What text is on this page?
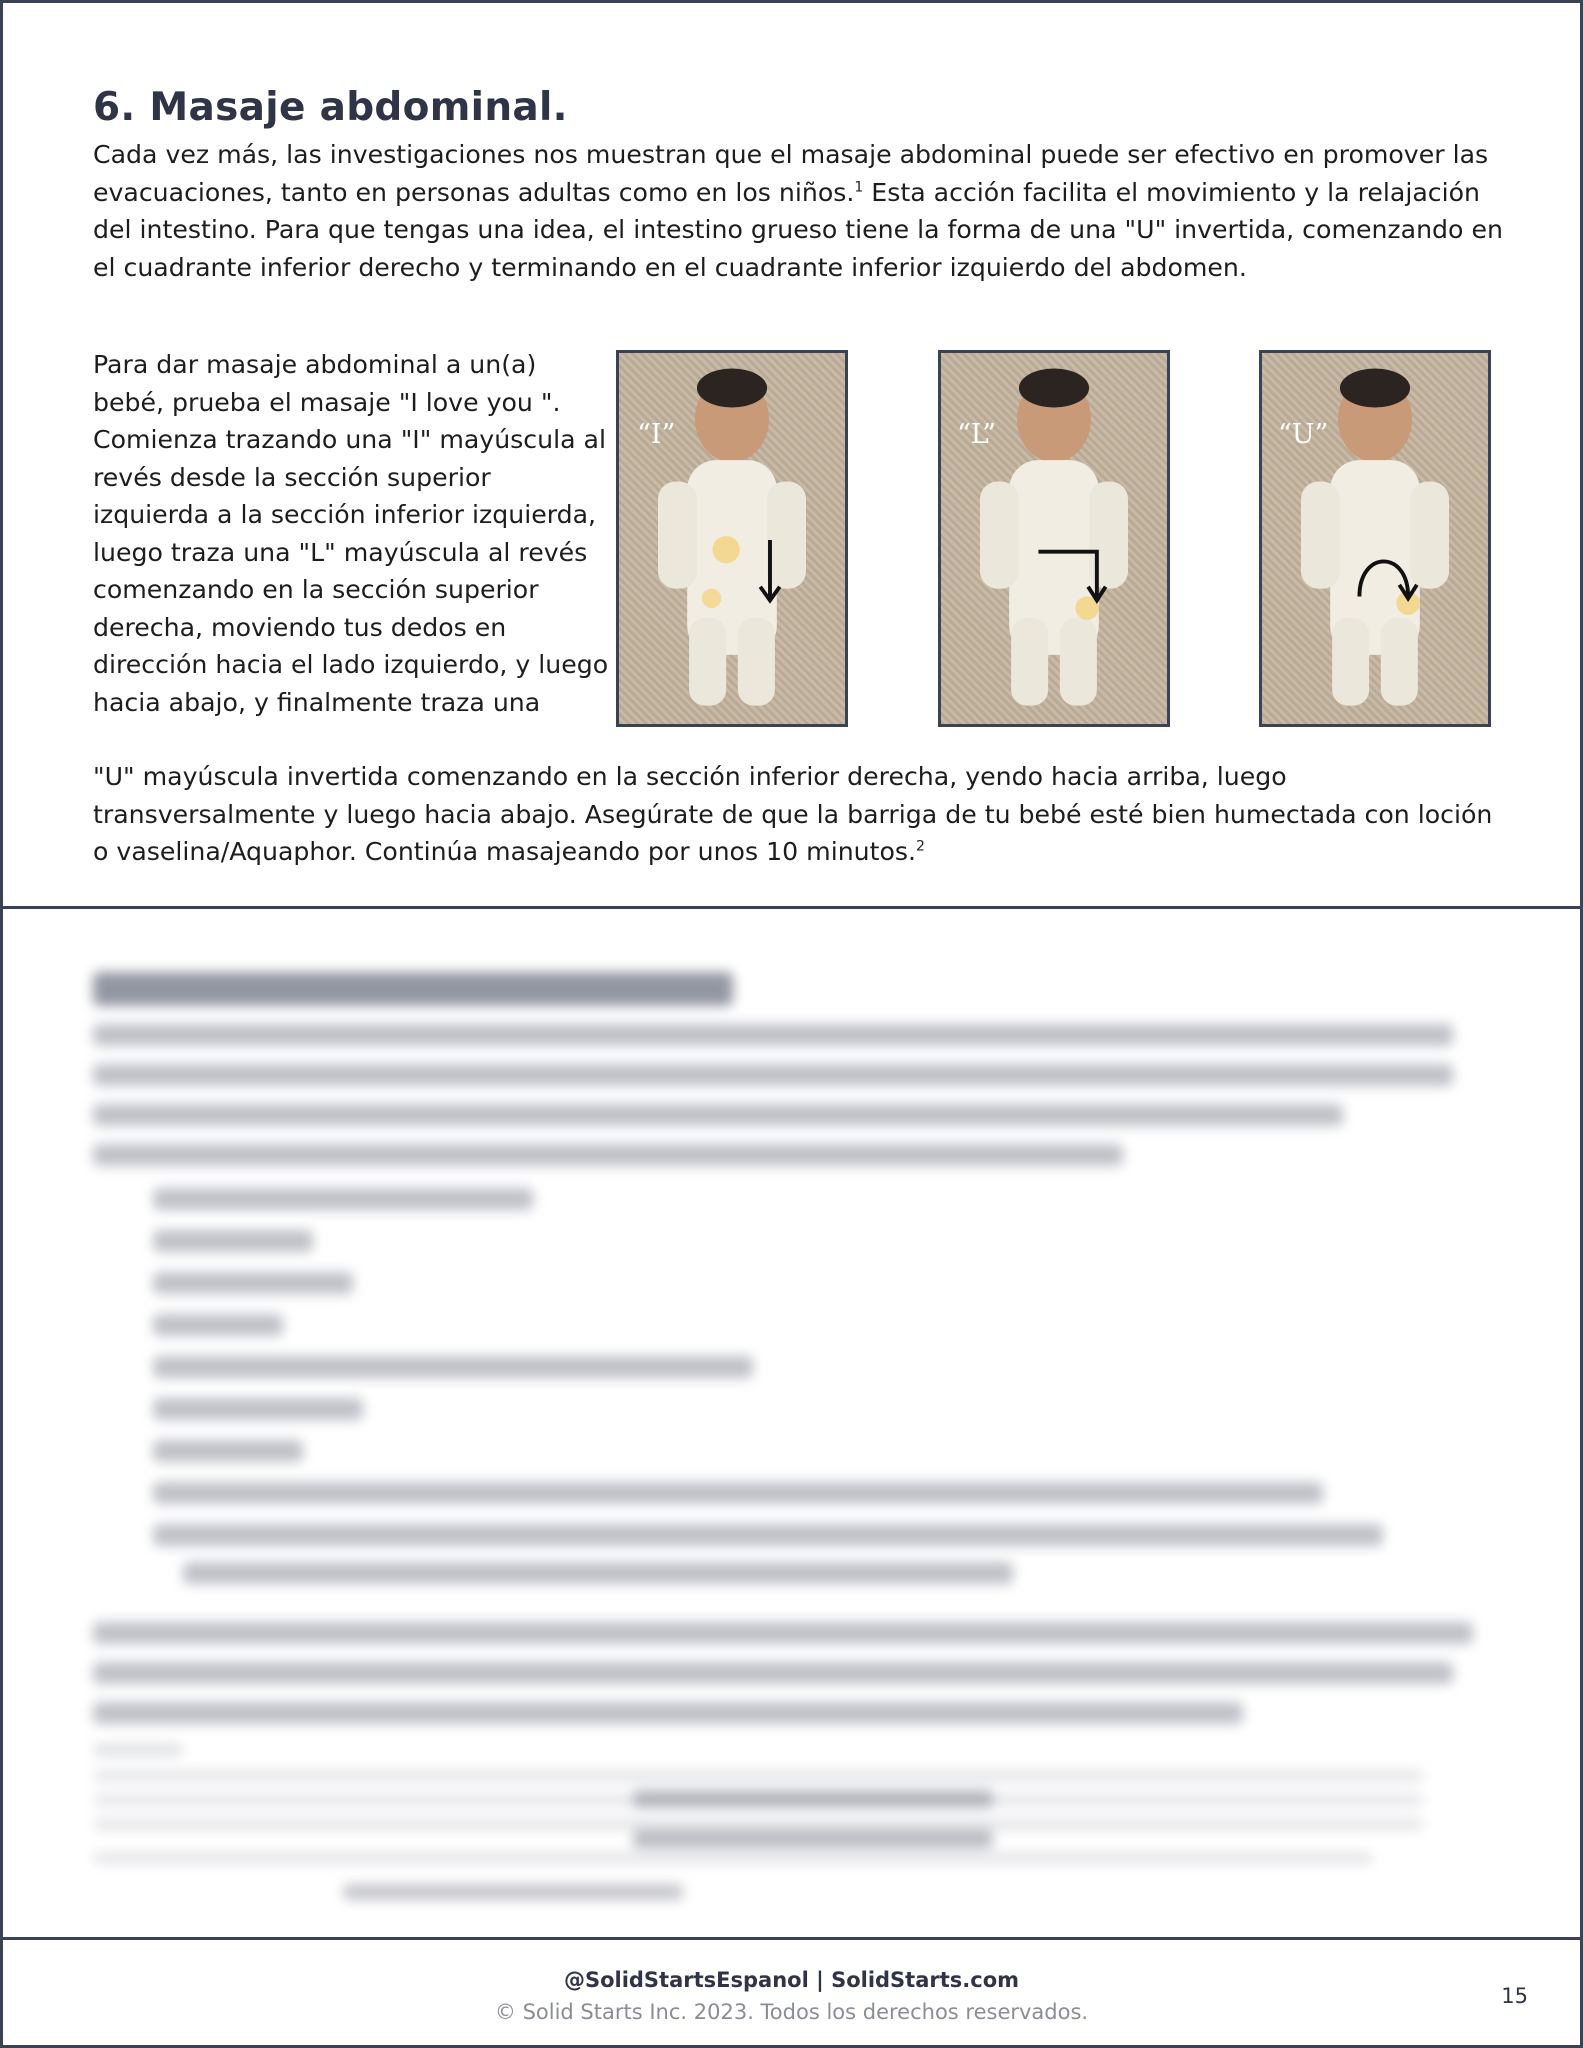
6. Masaje abdominal.

Cada vez más, las investigaciones nos muestran que el masaje abdominal puede ser efectivo en promover las evacuaciones, tanto en personas adultas como en los niños.$^1$ Esta acción facilita el movimiento y la relajación del intestino. Para que tengas una idea, el intestino grueso tiene la forma de una "U" invertida, comenzando en el cuadrante inferior derecho y terminando en el cuadrante inferior izquierdo del abdomen.

Para dar masaje abdominal a un(a) bebé, prueba el masaje "I love you ". Comienza trazando una "I" mayúscula al revés desde la sección superior izquierda a la sección inferior izquierda, luego traza una "L" mayúscula al revés comenzando en la sección superior derecha, moviendo tus dedos en dirección hacia el lado izquierdo, y luego hacia abajo, y finalmente traza una

“I”	“L”	“U”

"U" mayúscula invertida comenzando en la sección inferior derecha, yendo hacia arriba, luego transversalmente y luego hacia abajo. Asegúrate de que la barriga de tu bebé esté bien humectada con loción o vaselina/Aquaphor. Continúa masajeando por unos 10 minutos.$^2$

@SolidStartsEspanol | SolidStarts.com
© Solid Starts Inc. 2023. Todos los derechos reservados.
15
